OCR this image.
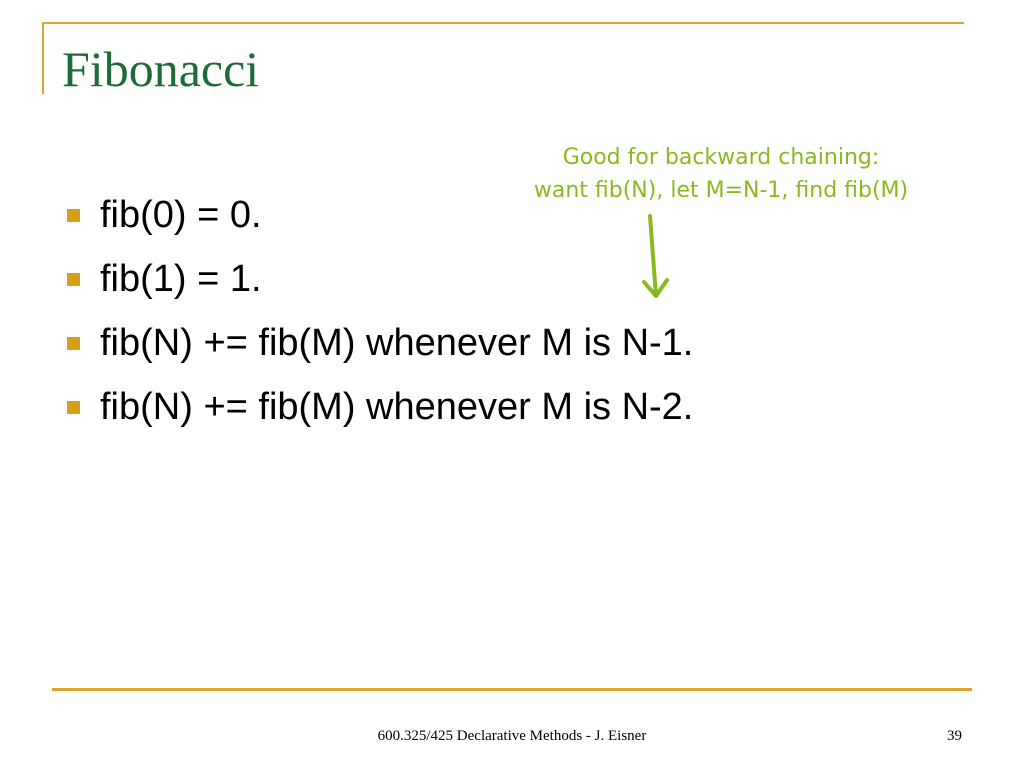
Fibonacci
fib(0) = 0.
fib(1) = 1.
fib(N) += fib(M) whenever M is N-1.
fib(N) += fib(M) whenever M is N-2.
Good for backward chaining:
want fib(N), let M=N-1, find fib(M)
600.325/425 Declarative Methods - J. Eisner	39
